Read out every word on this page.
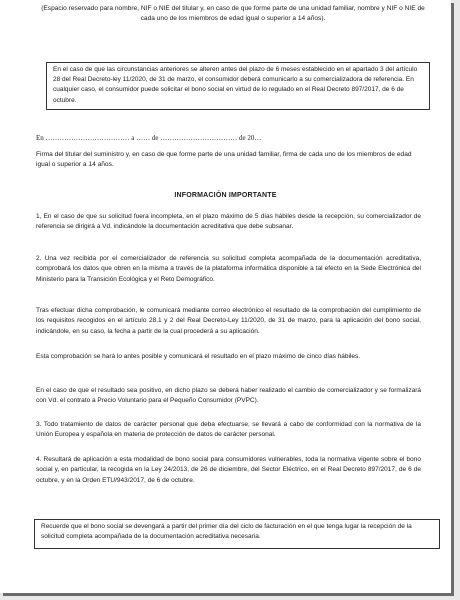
(Espacio reservado para nombre, NIF o NIE del titular y, en caso de que forme parte de una unidad familiar, nombre y NIF o NIE de cada uno de los miembros de edad igual o superior a 14 años).
En el caso de que las circunstancias anteriores se alteren antes del plazo de 6 meses establecido en el apartado 3 del artículo 28 del Real Decreto-ley 11/2020, de 31 de marzo, el consumidor deberá comunicarlo a su comercializadora de referencia. En cualquier caso, el consumidor puede solicitar el bono social en virtud de lo regulado en el Real Decreto 897/2017, de 6 de octubre.
En ……………………………… a …… de …………………………… de 20…
Firma del titular del suministro y, en caso de que forme parte de una unidad familiar, firma de cada uno de los miembros de edad igual o superior a 14 años.
INFORMACIÓN IMPORTANTE
1, En el caso de que su solicitud fuera incompleta, en el plazo máximo de 5 días hábiles desde la recepción, su comercializador de referencia se dirigirá a Vd. indicándole la documentación acreditativa que debe subsanar.
2. Una vez recibida por el comercializador de referencia su solicitud completa acompañada de la documentación acreditativa, comprobará los datos que obren en la misma a través de la plataforma informática disponible a tal efecto en la Sede Electrónica del Ministerio para la Transición Ecológica y el Reto Demográfico.
Tras efectuar dicha comprobación, le comunicará mediante correo electrónico el resultado de la comprobación del cumplimiento de los requisitos recogidos en el artículo 28.1 y 2 del Real Decreto-Ley 11/2020, de 31 de marzo, para la aplicación del bono social, indicándole, en su caso, la fecha a partir de la cual procederá a su aplicación.
Esta comprobación se hará lo antes posible y comunicará el resultado en el plazo máximo de cinco días hábiles.
En el caso de que el resultado sea positivo, en dicho plazo se deberá haber realizado el cambio de comercializador y se formalizará con Vd. el contrato a Precio Voluntario para el Pequeño Consumidor (PVPC).
3. Todo tratamiento de datos de carácter personal que deba efectuarse, se llevará a cabo de conformidad con la normativa de la Unión Europea y española en materia de protección de datos de carácter personal.
4. Resultará de aplicación a esta modalidad de bono social para consumidores vulnerables, toda la normativa vigente sobre el bono social y, en particular, la recogida en la Ley 24/2013, de 26 de diciembre, del Sector Eléctrico, en el Real Decreto 897/2017, de 6 de octubre, y en la Orden ETU/943/2017, de 6 de octubre.
Recuerde que el bono social se devengará a partir del primer día del ciclo de facturación en el que tenga lugar la recepción de la solicitud completa acompañada de la documentación acreditativa necesaria.
